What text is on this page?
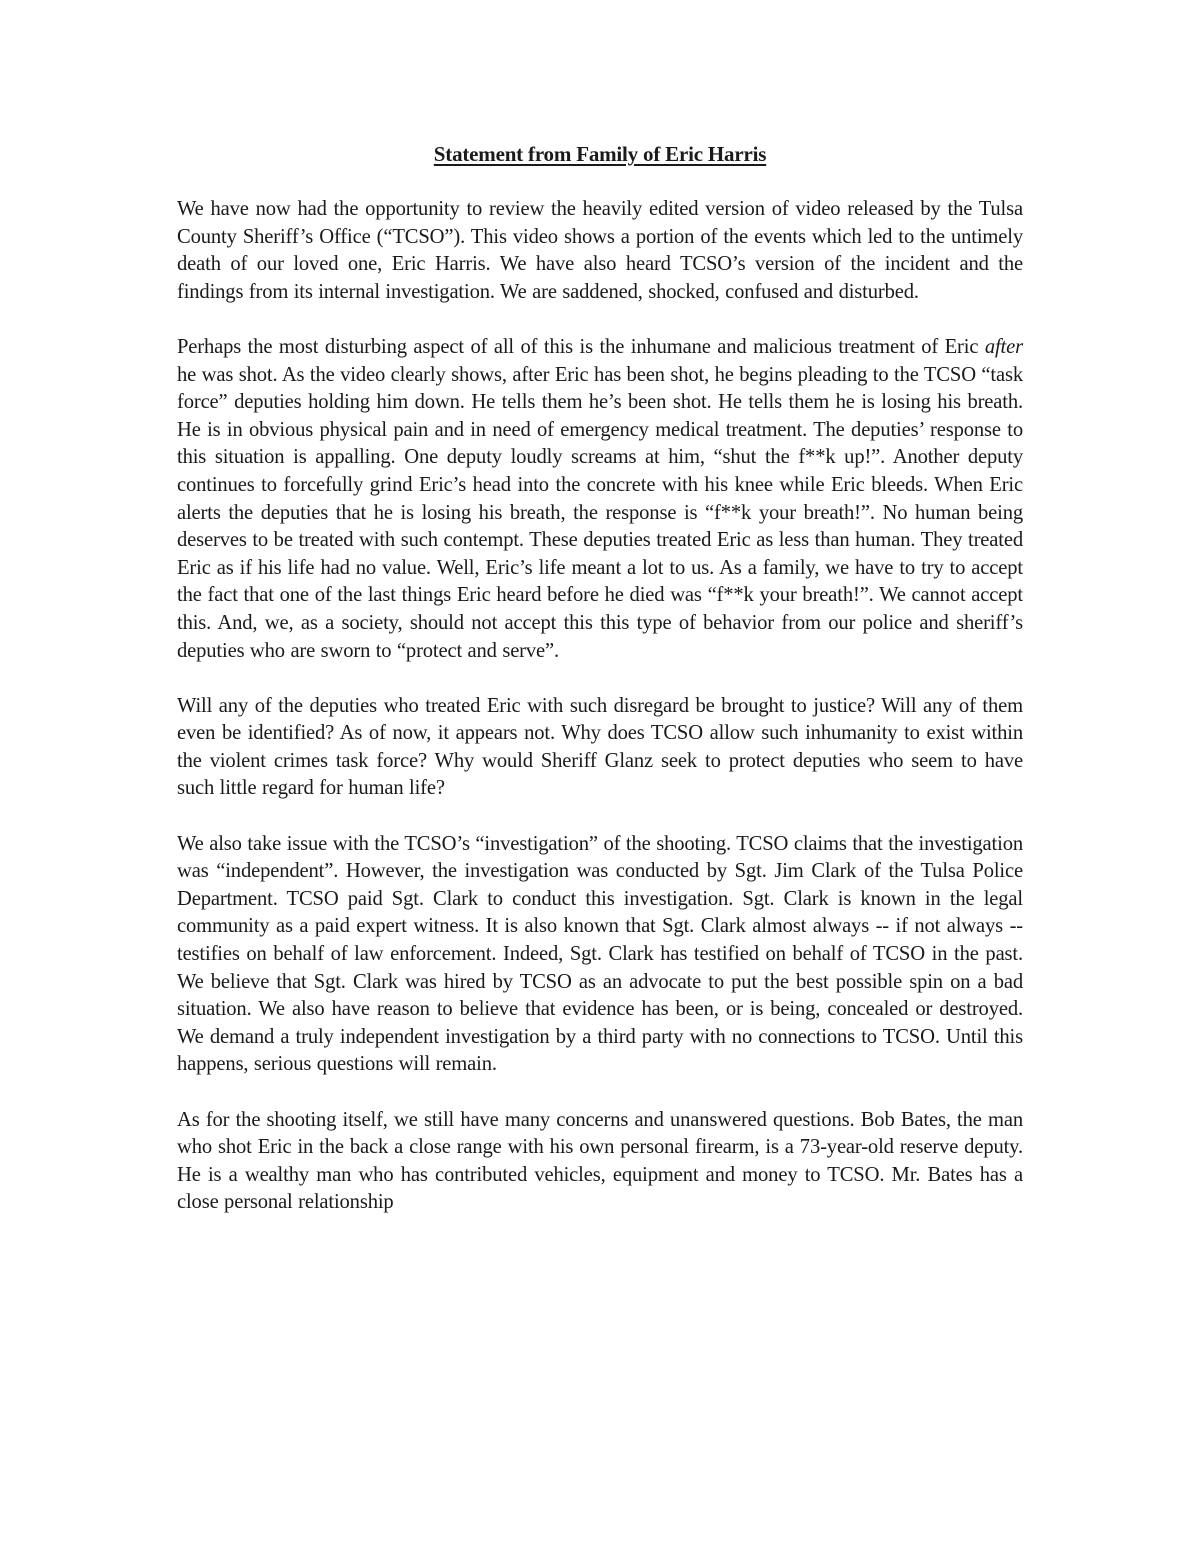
Statement from Family of Eric Harris

We have now had the opportunity to review the heavily edited version of video released by the Tulsa County Sheriff’s Office (“TCSO”). This video shows a portion of the events which led to the untimely death of our loved one, Eric Harris. We have also heard TCSO’s version of the incident and the findings from its internal investigation. We are saddened, shocked, confused and disturbed.

Perhaps the most disturbing aspect of all of this is the inhumane and malicious treatment of Eric after he was shot. As the video clearly shows, after Eric has been shot, he begins pleading to the TCSO “task force” deputies holding him down. He tells them he’s been shot. He tells them he is losing his breath. He is in obvious physical pain and in need of emergency medical treatment. The deputies’ response to this situation is appalling. One deputy loudly screams at him, “shut the f**k up!”. Another deputy continues to forcefully grind Eric’s head into the concrete with his knee while Eric bleeds. When Eric alerts the deputies that he is losing his breath, the response is “f**k your breath!”. No human being deserves to be treated with such contempt. These deputies treated Eric as less than human. They treated Eric as if his life had no value. Well, Eric’s life meant a lot to us. As a family, we have to try to accept the fact that one of the last things Eric heard before he died was “f**k your breath!”. We cannot accept this. And, we, as a society, should not accept this this type of behavior from our police and sheriff’s deputies who are sworn to “protect and serve”.

Will any of the deputies who treated Eric with such disregard be brought to justice? Will any of them even be identified? As of now, it appears not. Why does TCSO allow such inhumanity to exist within the violent crimes task force? Why would Sheriff Glanz seek to protect deputies who seem to have such little regard for human life?

We also take issue with the TCSO’s “investigation” of the shooting. TCSO claims that the investigation was “independent”. However, the investigation was conducted by Sgt. Jim Clark of the Tulsa Police Department. TCSO paid Sgt. Clark to conduct this investigation. Sgt. Clark is known in the legal community as a paid expert witness. It is also known that Sgt. Clark almost always -- if not always -- testifies on behalf of law enforcement. Indeed, Sgt. Clark has testified on behalf of TCSO in the past. We believe that Sgt. Clark was hired by TCSO as an advocate to put the best possible spin on a bad situation. We also have reason to believe that evidence has been, or is being, concealed or destroyed. We demand a truly independent investigation by a third party with no connections to TCSO. Until this happens, serious questions will remain.

As for the shooting itself, we still have many concerns and unanswered questions. Bob Bates, the man who shot Eric in the back a close range with his own personal firearm, is a 73-year-old reserve deputy. He is a wealthy man who has contributed vehicles, equipment and money to TCSO. Mr. Bates has a close personal relationship
